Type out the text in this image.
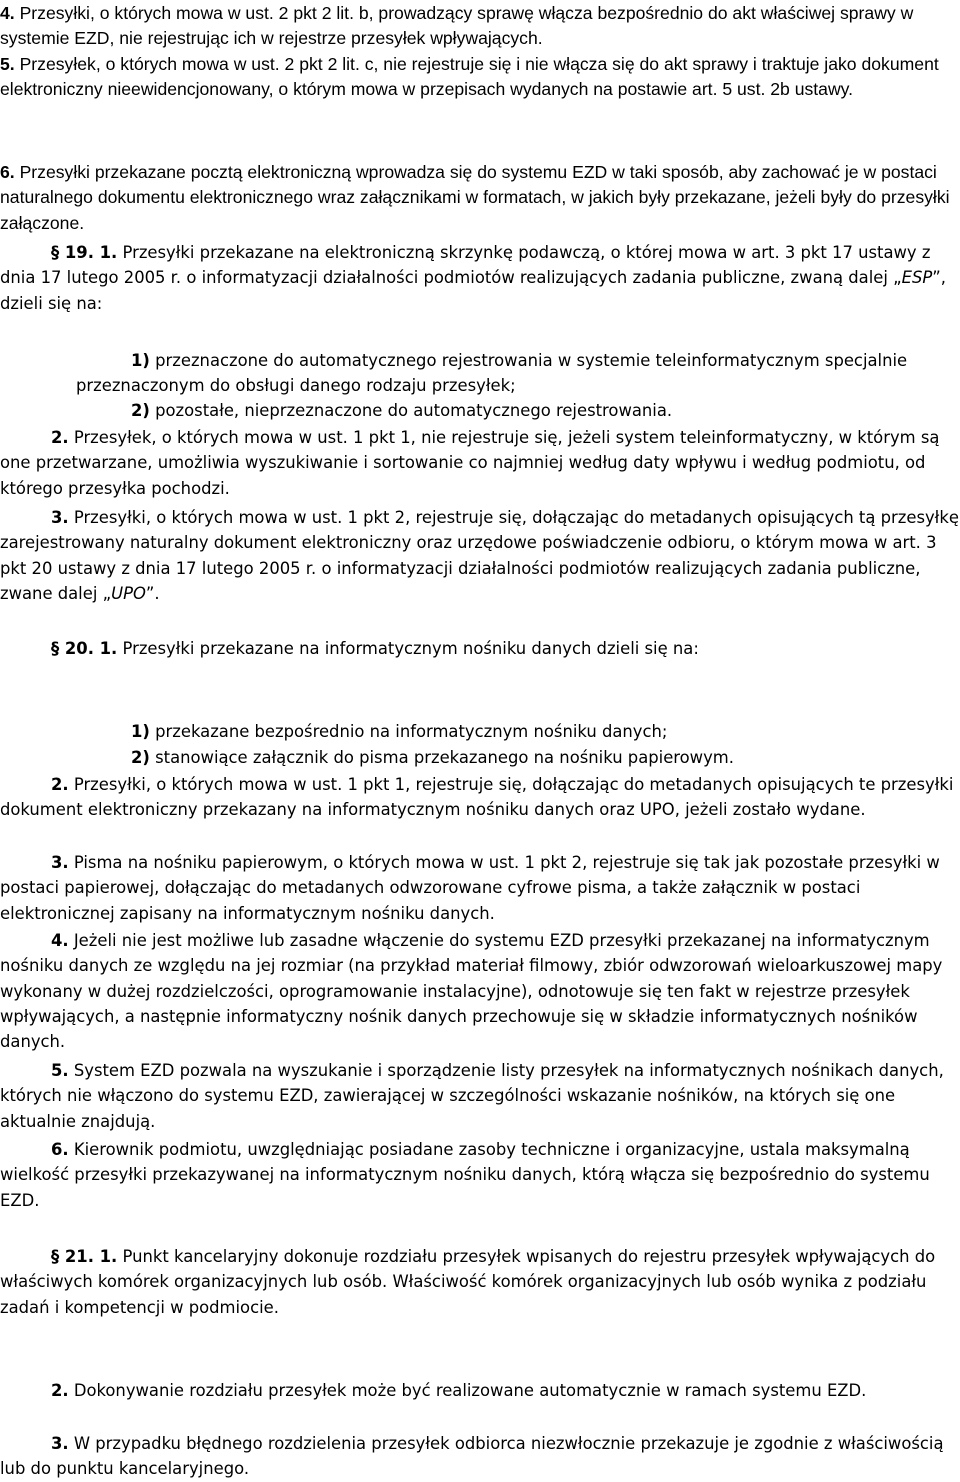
4. Przesyłki, o których mowa w ust. 2 pkt 2 lit. b, prowadzący sprawę włącza bezpośrednio do akt właściwej sprawy w systemie EZD, nie rejestrując ich w rejestrze przesyłek wpływających.

5. Przesyłek, o których mowa w ust. 2 pkt 2 lit. c, nie rejestruje się i nie włącza się do akt sprawy i traktuje jako dokument elektroniczny nieewidencjonowany, o którym mowa w przepisach wydanych na postawie art. 5 ust. 2b ustawy.

6. Przesyłki przekazane pocztą elektroniczną wprowadza się do systemu EZD w taki sposób, aby zachować je w postaci naturalnego dokumentu elektronicznego wraz załącznikami w formatach, w jakich były przekazane, jeżeli były do przesyłki załączone.

§ 19. 1. Przesyłki przekazane na elektroniczną skrzynkę podawczą, o której mowa w art. 3 pkt 17 ustawy z dnia 17 lutego 2005 r. o informatyzacji działalności podmiotów realizujących zadania publiczne, zwaną dalej „ESP”, dzieli się na:

1) przeznaczone do automatycznego rejestrowania w systemie teleinformatycznym specjalnie przeznaczonym do obsługi danego rodzaju przesyłek;

2) pozostałe, nieprzeznaczone do automatycznego rejestrowania.

2. Przesyłek, o których mowa w ust. 1 pkt 1, nie rejestruje się, jeżeli system teleinformatyczny, w którym są one przetwarzane, umożliwia wyszukiwanie i sortowanie co najmniej według daty wpływu i według podmiotu, od którego przesyłka pochodzi.

3. Przesyłki, o których mowa w ust. 1 pkt 2, rejestruje się, dołączając do metadanych opisujących tą przesyłkę zarejestrowany naturalny dokument elektroniczny oraz urzędowe poświadczenie odbioru, o którym mowa w art. 3 pkt 20 ustawy z dnia 17 lutego 2005 r. o informatyzacji działalności podmiotów realizujących zadania publiczne, zwane dalej „UPO”.

§ 20. 1. Przesyłki przekazane na informatycznym nośniku danych dzieli się na:

1) przekazane bezpośrednio na informatycznym nośniku danych;

2) stanowiące załącznik do pisma przekazanego na nośniku papierowym.

2. Przesyłki, o których mowa w ust. 1 pkt 1, rejestruje się, dołączając do metadanych opisujących te przesyłki dokument elektroniczny przekazany na informatycznym nośniku danych oraz UPO, jeżeli zostało wydane.

3. Pisma na nośniku papierowym, o których mowa w ust. 1 pkt 2, rejestruje się tak jak pozostałe przesyłki w postaci papierowej, dołączając do metadanych odwzorowane cyfrowe pisma, a także załącznik w postaci elektronicznej zapisany na informatycznym nośniku danych.

4. Jeżeli nie jest możliwe lub zasadne włączenie do systemu EZD przesyłki przekazanej na informatycznym nośniku danych ze względu na jej rozmiar (na przykład materiał filmowy, zbiór odwzorowań wieloarkuszowej mapy wykonany w dużej rozdzielczości, oprogramowanie instalacyjne), odnotowuje się ten fakt w rejestrze przesyłek wpływających, a następnie informatyczny nośnik danych przechowuje się w składzie informatycznych nośników danych.

5. System EZD pozwala na wyszukanie i sporządzenie listy przesyłek na informatycznych nośnikach danych, których nie włączono do systemu EZD, zawierającej w szczególności wskazanie nośników, na których się one aktualnie znajdują.

6. Kierownik podmiotu, uwzględniając posiadane zasoby techniczne i organizacyjne, ustala maksymalną wielkość przesyłki przekazywanej na informatycznym nośniku danych, którą włącza się bezpośrednio do systemu EZD.

§ 21. 1. Punkt kancelaryjny dokonuje rozdziału przesyłek wpisanych do rejestru przesyłek wpływających do właściwych komórek organizacyjnych lub osób. Właściwość komórek organizacyjnych lub osób wynika z podziału zadań i kompetencji w podmiocie.

2. Dokonywanie rozdziału przesyłek może być realizowane automatycznie w ramach systemu EZD.

3. W przypadku błędnego rozdzielenia przesyłek odbiorca niezwłocznie przekazuje je zgodnie z właściwością lub do punktu kancelaryjnego.
